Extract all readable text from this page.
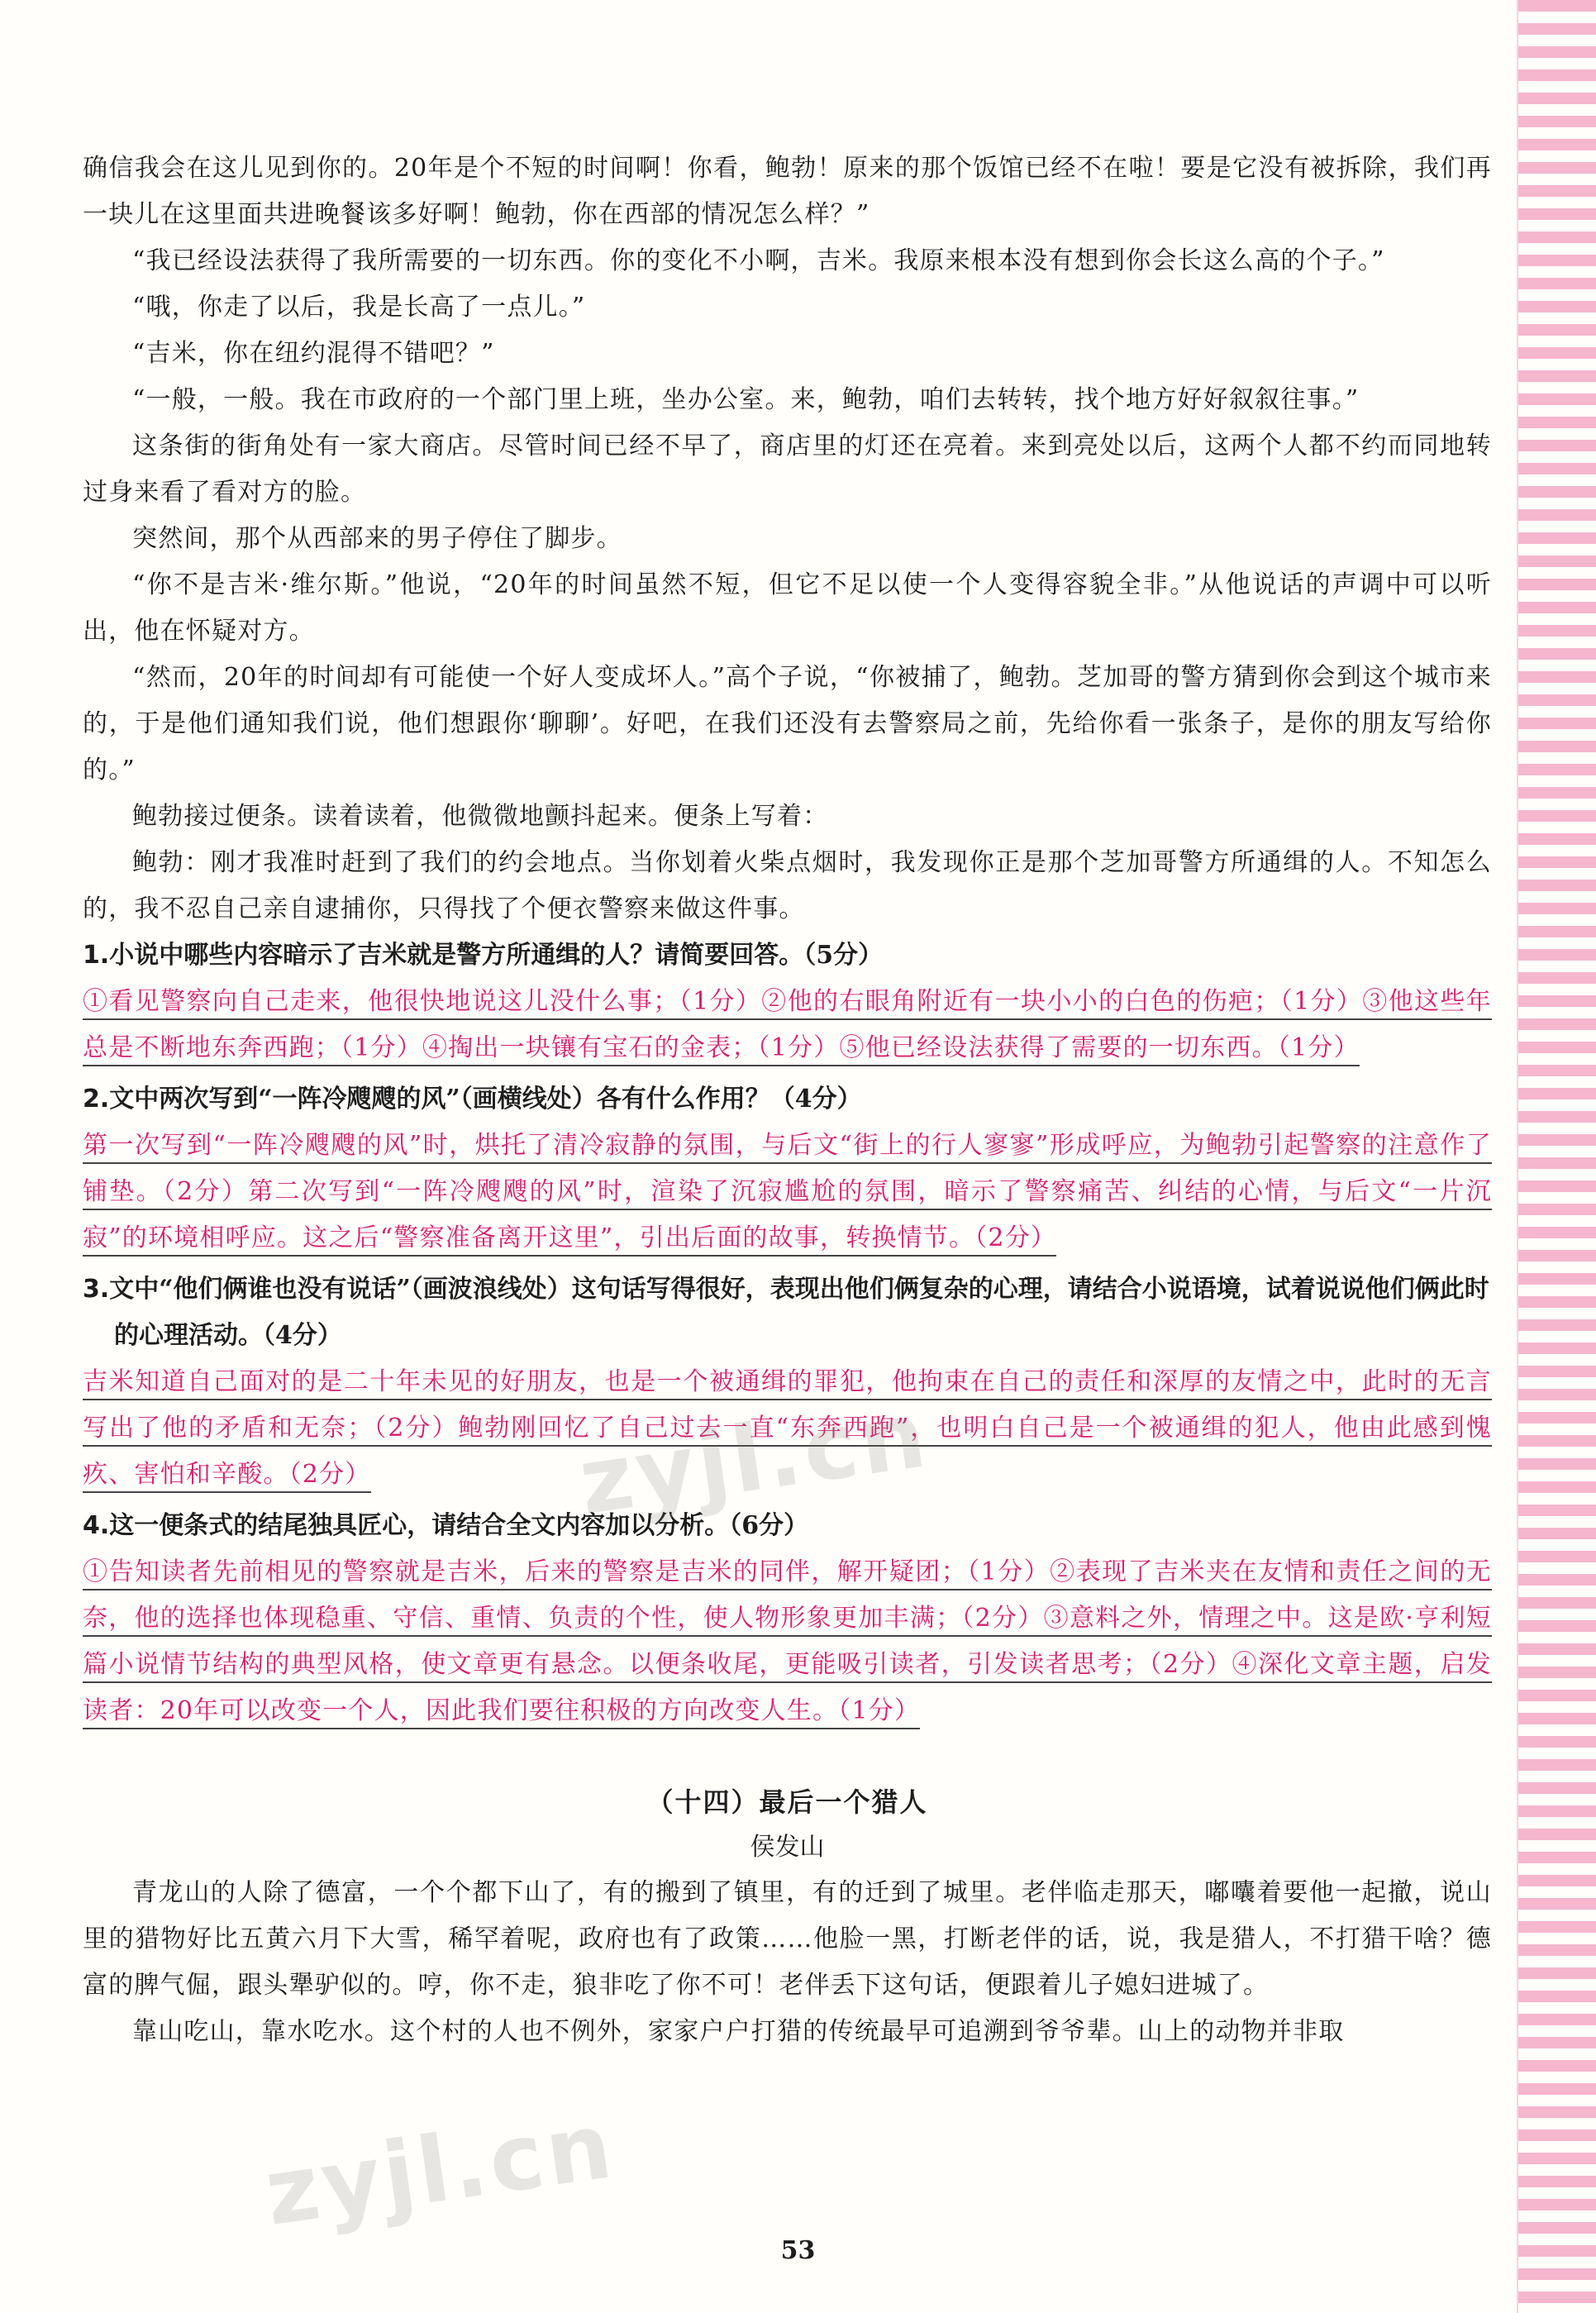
确信我会在这儿见到你的。20年是个不短的时间啊！你看，鲍勃！原来的那个饭馆已经不在啦！要是它没有被拆除，我们再一块儿在这里面共进晚餐该多好啊！鲍勃，你在西部的情况怎么样？”

“我已经设法获得了我所需要的一切东西。你的变化不小啊，吉米。我原来根本没有想到你会长这么高的个子。”

“哦，你走了以后，我是长高了一点儿。”

“吉米，你在纽约混得不错吧？”

“一般，一般。我在市政府的一个部门里上班，坐办公室。来，鲍勃，咱们去转转，找个地方好好叙叙往事。”

这条街的街角处有一家大商店。尽管时间已经不早了，商店里的灯还在亮着。来到亮处以后，这两个人都不约而同地转过身来看了看对方的脸。

突然间，那个从西部来的男子停住了脚步。

“你不是吉米·维尔斯。”他说，“20年的时间虽然不短，但它不足以使一个人变得容貌全非。”从他说话的声调中可以听出，他在怀疑对方。

“然而，20年的时间却有可能使一个好人变成坏人。”高个子说，“你被捕了，鲍勃。芝加哥的警方猜到你会到这个城市来的，于是他们通知我们说，他们想跟你‘聊聊’。好吧，在我们还没有去警察局之前，先给你看一张条子，是你的朋友写给你的。”

鲍勃接过便条。读着读着，他微微地颤抖起来。便条上写着：

鲍勃：刚才我准时赶到了我们的约会地点。当你划着火柴点烟时，我发现你正是那个芝加哥警方所通缉的人。不知怎么的，我不忍自己亲自逮捕你，只得找了个便衣警察来做这件事。

1.小说中哪些内容暗示了吉米就是警方所通缉的人？请简要回答。（5分）

①看见警察向自己走来，他很快地说这儿没什么事；（1分）②他的右眼角附近有一块小小的白色的伤疤；（1分）③他这些年总是不断地东奔西跑；（1分）④掏出一块镶有宝石的金表；（1分）⑤他已经设法获得了需要的一切东西。（1分）

2.文中两次写到“一阵冷飕飕的风”（画横线处）各有什么作用？（4分）

第一次写到“一阵冷飕飕的风”时，烘托了清冷寂静的氛围，与后文“街上的行人寥寥”形成呼应，为鲍勃引起警察的注意作了铺垫。（2分）第二次写到“一阵冷飕飕的风”时，渲染了沉寂尴尬的氛围，暗示了警察痛苦、纠结的心情，与后文“一片沉寂”的环境相呼应。这之后“警察准备离开这里”，引出后面的故事，转换情节。（2分）

3.文中“他们俩谁也没有说话”（画波浪线处）这句话写得很好，表现出他们俩复杂的心理，请结合小说语境，试着说说他们俩此时的心理活动。（4分）

吉米知道自己面对的是二十年未见的好朋友，也是一个被通缉的罪犯，他拘束在自己的责任和深厚的友情之中，此时的无言写出了他的矛盾和无奈；（2分）鲍勃刚回忆了自己过去一直“东奔西跑”，也明白自己是一个被通缉的犯人，他由此感到愧疚、害怕和辛酸。（2分）

4.这一便条式的结尾独具匠心，请结合全文内容加以分析。（6分）

①告知读者先前相见的警察就是吉米，后来的警察是吉米的同伴，解开疑团；（1分）②表现了吉米夹在友情和责任之间的无奈，他的选择也体现稳重、守信、重情、负责的个性，使人物形象更加丰满；（2分）③意料之外，情理之中。这是欧·亨利短篇小说情节结构的典型风格，使文章更有悬念。以便条收尾，更能吸引读者，引发读者思考；（2分）④深化文章主题，启发读者：20年可以改变一个人，因此我们要往积极的方向改变人生。（1分）

（十四）最后一个猎人

侯发山

青龙山的人除了德富，一个个都下山了，有的搬到了镇里，有的迁到了城里。老伴临走那天，嘟囔着要他一起撤，说山里的猎物好比五黄六月下大雪，稀罕着呢，政府也有了政策……他脸一黑，打断老伴的话，说，我是猎人，不打猎干啥？德富的脾气倔，跟头犟驴似的。哼，你不走，狼非吃了你不可！老伴丢下这句话，便跟着儿子媳妇进城了。

靠山吃山，靠水吃水。这个村的人也不例外，家家户户打猎的传统最早可追溯到爷爷辈。山上的动物并非取

zyjl.cn
zyjl.cn
53
